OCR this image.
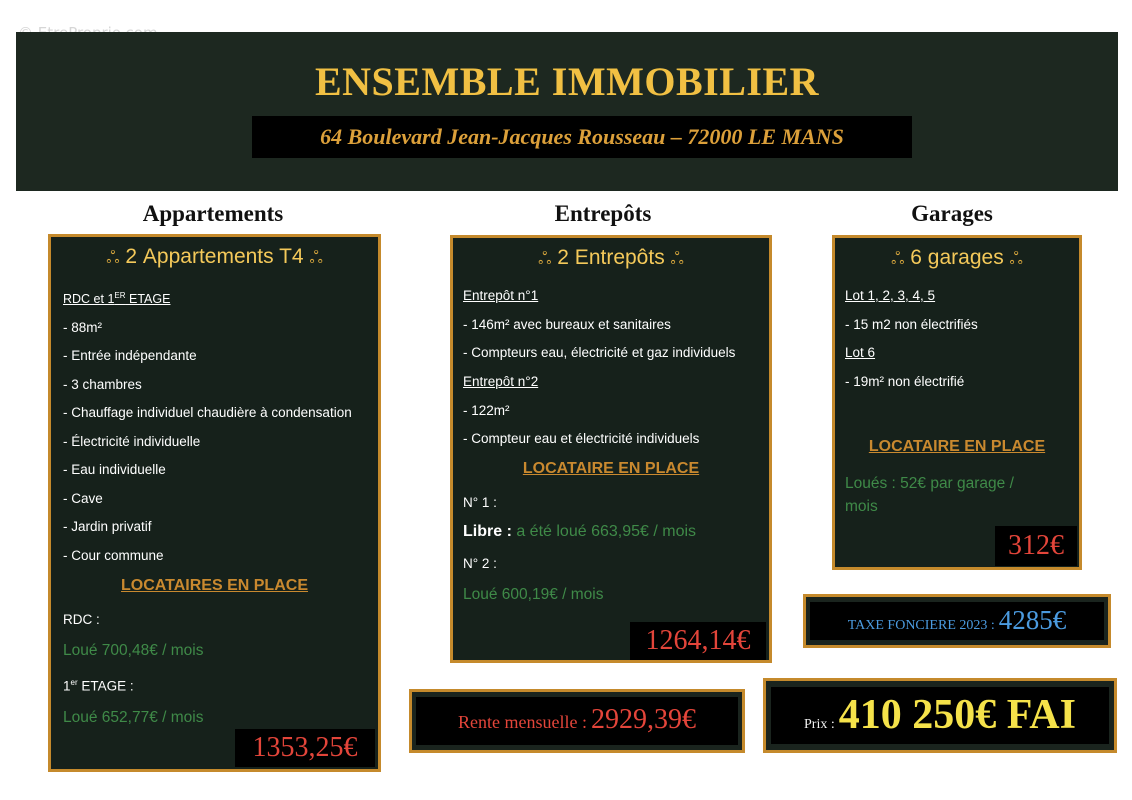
ENSEMBLE IMMOBILIER
64 Boulevard Jean-Jacques Rousseau – 72000 LE MANS
Appartements	Entrepôts	Garages
ஃ 2 Appartements T4 ஃ
RDC et 1ER ETAGE
- 88m²
- Entrée indépendante
- 3 chambres
- Chauffage individuel chaudière à condensation
- Électricité individuelle
- Eau individuelle
- Cave
- Jardin privatif
- Cour commune
LOCATAIRES EN PLACE
RDC :
Loué 700,48€ / mois
1er ETAGE :
Loué 652,77€ / mois
1353,25€
ஃ 2 Entrepôts ஃ
Entrepôt n°1
- 146m² avec bureaux et sanitaires
- Compteurs eau, électricité et gaz individuels
Entrepôt n°2
- 122m²
- Compteur eau et électricité individuels
LOCATAIRE EN PLACE
N° 1 :
Libre : a été loué 663,95€ / mois
N° 2 :
Loué 600,19€ / mois
1264,14€
ஃ 6 garages ஃ
Lot 1, 2, 3, 4, 5
- 15 m2 non électrifiés
Lot 6
- 19m² non électrifié
LOCATAIRE EN PLACE
Loués : 52€ par garage /
mois
312€
TAXE FONCIERE 2023 : 4285€
Rente mensuelle : 2929,39€	Prix : 410 250€ FAI
